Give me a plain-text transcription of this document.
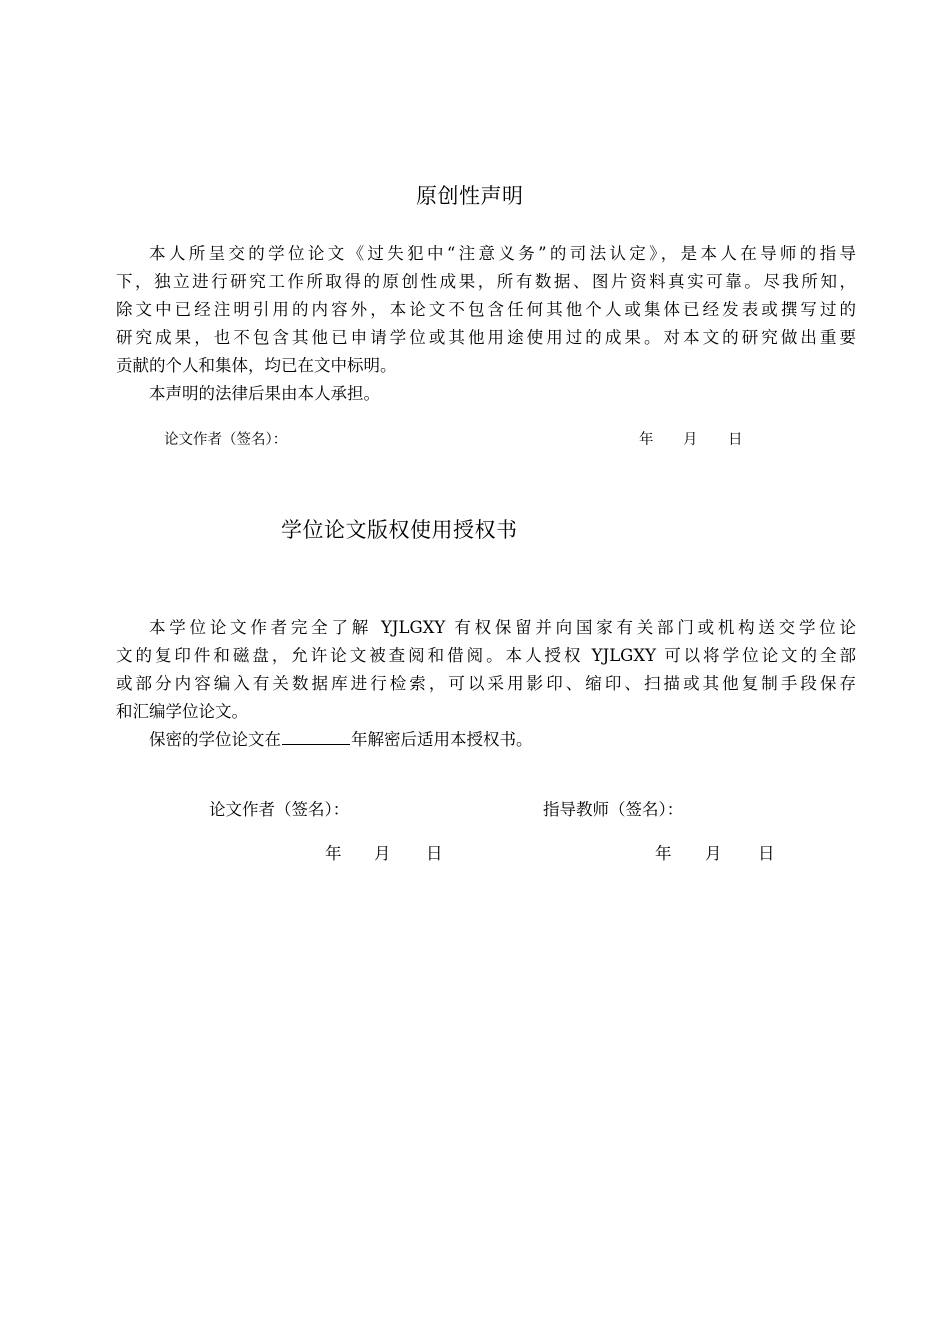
原创性声明
本人所呈交的学位论文《过失犯中“注意义务”的司法认定》，是本人在导师的指导
下，独立进行研究工作所取得的原创性成果，所有数据、图片资料真实可靠。尽我所知，
除文中已经注明引用的内容外，本论文不包含任何其他个人或集体已经发表或撰写过的
研究成果，也不包含其他已申请学位或其他用途使用过的成果。对本文的研究做出重要
贡献的个人和集体，均已在文中标明。
本声明的法律后果由本人承担。
论文作者（签名）：	年 月 日
学位论文版权使用授权书
本学位论文作者完全了解 YJLGXY 有权保留并向国家有关部门或机构送交学位论
文的复印件和磁盘，允许论文被查阅和借阅。本人授权 YJLGXY 可以将学位论文的全部
或部分内容编入有关数据库进行检索，可以采用影印、缩印、扫描或其他复制手段保存
和汇编学位论文。
保密的学位论文在	年解密后适用本授权书。
论文作者（签名）：	指导教师（签名）：
年 月 日	年 月 日
